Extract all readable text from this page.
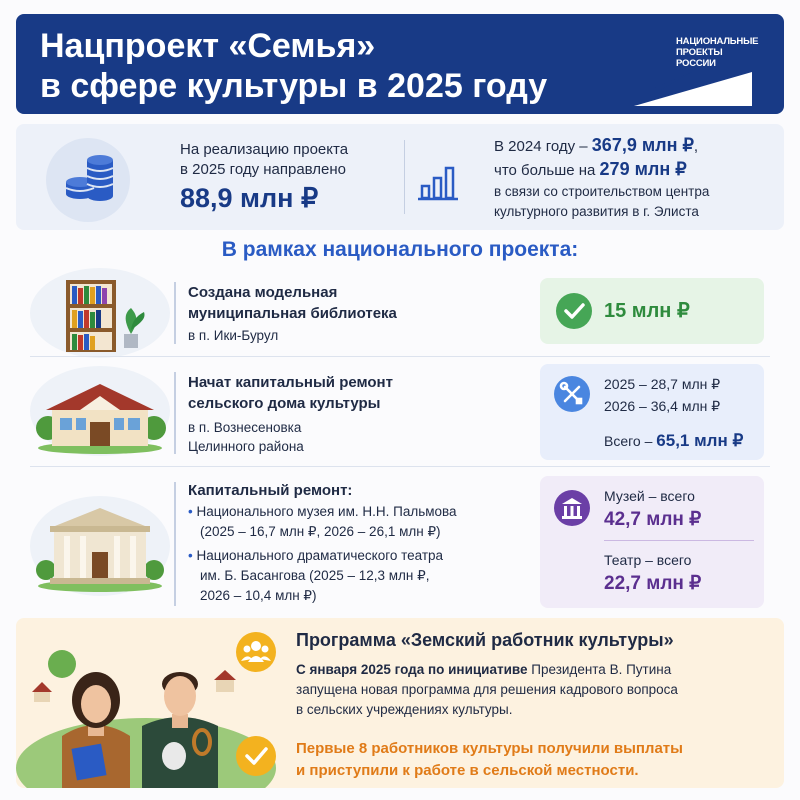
Нацпроект «Семья»
в сфере культуры в 2025 году
НАЦИОНАЛЬНЫЕ
ПРОЕКТЫ
РОССИИ
На реализацию проекта
в 2025 году направлено
88,9 млн ₽
В 2024 году – 367,9 млн ₽,
что больше на 279 млн ₽
в связи со строительством центра
культурного развития в г. Элиста
В рамках национального проекта:
Создана модельная
муниципальная библиотека
в п. Ики-Бурул
15 млн ₽
Начат капитальный ремонт
сельского дома культуры
в п. Вознесеновка
Целинного района
2025 – 28,7 млн ₽
2026 – 36,4 млн ₽
Всего – 65,1 млн ₽
Капитальный ремонт:
• Национального музея им. Н.Н. Пальмова
(2025 – 16,7 млн ₽, 2026 – 26,1 млн ₽)
• Национального драматического театра
им. Б. Басангова (2025 – 12,3 млн ₽,
2026 – 10,4 млн ₽)
Музей – всего
42,7 млн ₽
Театр – всего
22,7 млн ₽
Программа «Земский работник культуры»
С января 2025 года по инициативе Президента В. Путина
запущена новая программа для решения кадрового вопроса
в сельских учреждениях культуры.
Первые 8 работников культуры получили выплаты
и приступили к работе в сельской местности.
